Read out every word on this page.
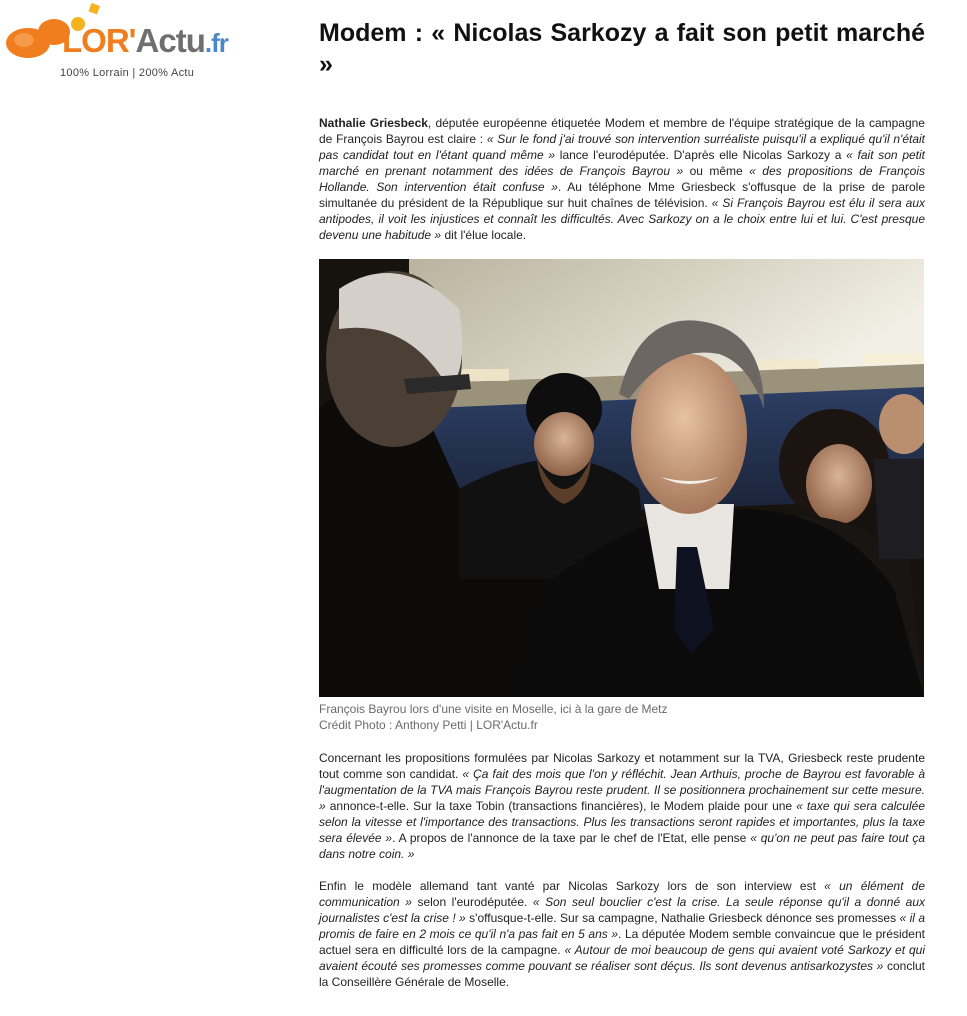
LOR'Actu.fr
100% Lorrain | 200% Actu
Modem : « Nicolas Sarkozy a fait son petit marché »

Nathalie Griesbeck, députée européenne étiquetée Modem et membre de l'équipe stratégique de la campagne de François Bayrou est claire : « Sur le fond j'ai trouvé son intervention surréaliste puisqu'il a expliqué qu'il n'était pas candidat tout en l'étant quand même » lance l'eurodéputée. D'après elle Nicolas Sarkozy a « fait son petit marché en prenant notamment des idées de François Bayrou » ou même « des propositions de François Hollande. Son intervention était confuse ». Au téléphone Mme Griesbeck s'offusque de la prise de parole simultanée du président de la République sur huit chaînes de télévision. « Si François Bayrou est élu il sera aux antipodes, il voit les injustices et connaît les difficultés. Avec Sarkozy on a le choix entre lui et lui. C'est presque devenu une habitude » dit l'élue locale.

François Bayrou lors d'une visite en Moselle, ici à la gare de Metz
Crédit Photo : Anthony Petti | LOR'Actu.fr

Concernant les propositions formulées par Nicolas Sarkozy et notamment sur la TVA, Griesbeck reste prudente tout comme son candidat. « Ça fait des mois que l'on y réfléchit. Jean Arthuis, proche de Bayrou est favorable à l'augmentation de la TVA mais François Bayrou reste prudent. Il se positionnera prochainement sur cette mesure. » annonce-t-elle. Sur la taxe Tobin (transactions financières), le Modem plaide pour une « taxe qui sera calculée selon la vitesse et l'importance des transactions. Plus les transactions seront rapides et importantes, plus la taxe sera élevée ». A propos de l'annonce de la taxe par le chef de l'Etat, elle pense « qu'on ne peut pas faire tout ça dans notre coin. »

Enfin le modèle allemand tant vanté par Nicolas Sarkozy lors de son interview est « un élément de communication » selon l'eurodéputée. « Son seul bouclier c'est la crise. La seule réponse qu'il a donné aux journalistes c'est la crise ! » s'offusque-t-elle. Sur sa campagne, Nathalie Griesbeck dénonce ses promesses « il a promis de faire en 2 mois ce qu'il n'a pas fait en 5 ans ». La députée Modem semble convaincue que le président actuel sera en difficulté lors de la campagne. « Autour de moi beaucoup de gens qui avaient voté Sarkozy et qui avaient écouté ses promesses comme pouvant se réaliser sont déçus. Ils sont devenus antisarkozystes » conclut la Conseillère Générale de Moselle.
